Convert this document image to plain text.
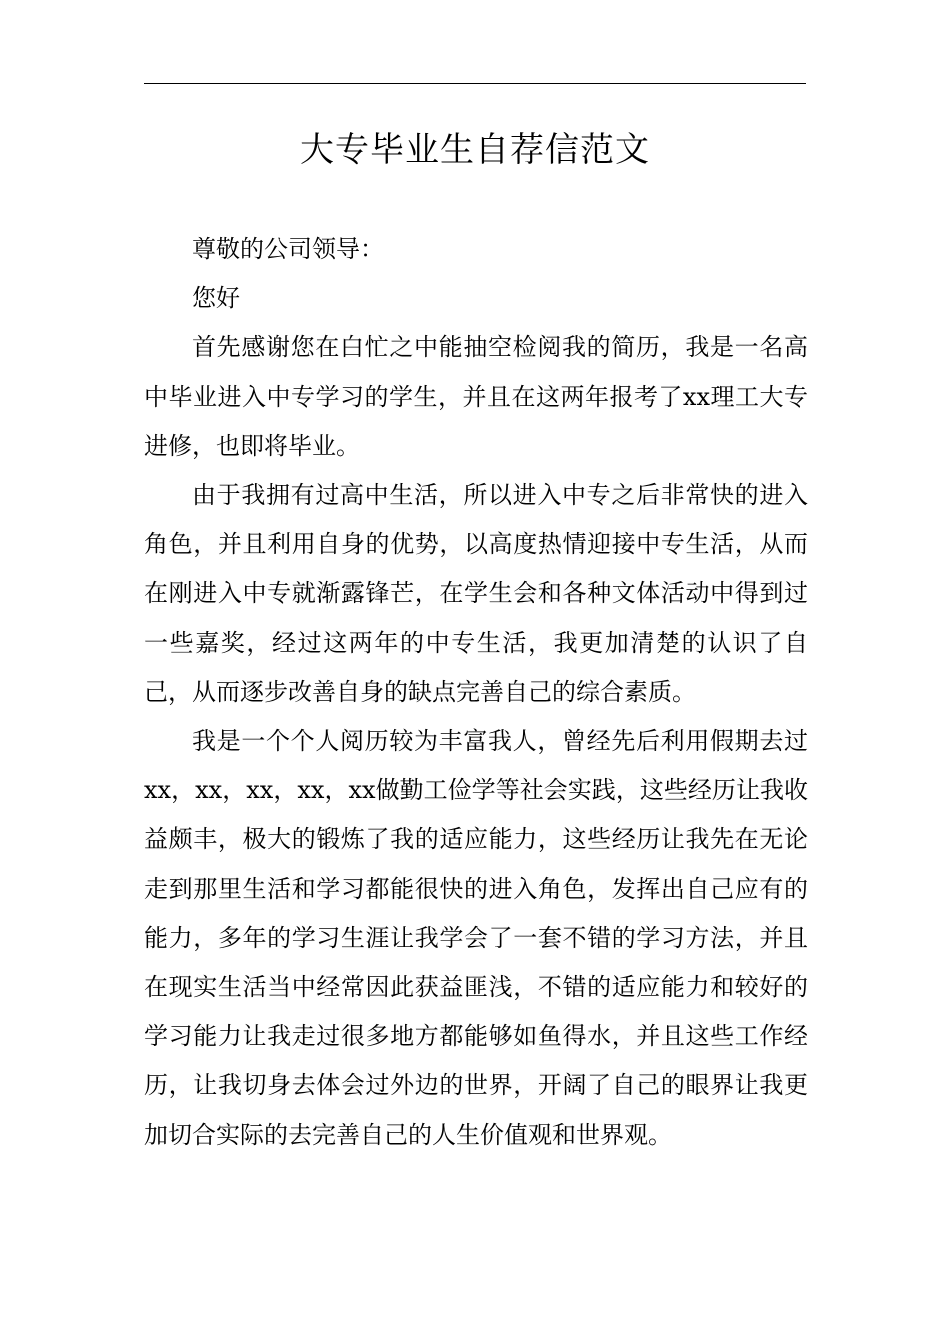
大专毕业生自荐信范文

尊敬的公司领导：

您好

首先感谢您在白忙之中能抽空检阅我的简历，我是一名高中毕业进入中专学习的学生，并且在这两年报考了xx理工大专进修，也即将毕业。

由于我拥有过高中生活，所以进入中专之后非常快的进入角色，并且利用自身的优势，以高度热情迎接中专生活，从而在刚进入中专就渐露锋芒，在学生会和各种文体活动中得到过一些嘉奖，经过这两年的中专生活，我更加清楚的认识了自己，从而逐步改善自身的缺点完善自己的综合素质。

我是一个个人阅历较为丰富我人，曾经先后利用假期去过xx，xx，xx，xx，xx做勤工俭学等社会实践，这些经历让我收益颇丰，极大的锻炼了我的适应能力，这些经历让我先在无论走到那里生活和学习都能很快的进入角色，发挥出自己应有的能力，多年的学习生涯让我学会了一套不错的学习方法，并且在现实生活当中经常因此获益匪浅，不错的适应能力和较好的学习能力让我走过很多地方都能够如鱼得水，并且这些工作经历，让我切身去体会过外边的世界，开阔了自己的眼界让我更加切合实际的去完善自己的人生价值观和世界观。
